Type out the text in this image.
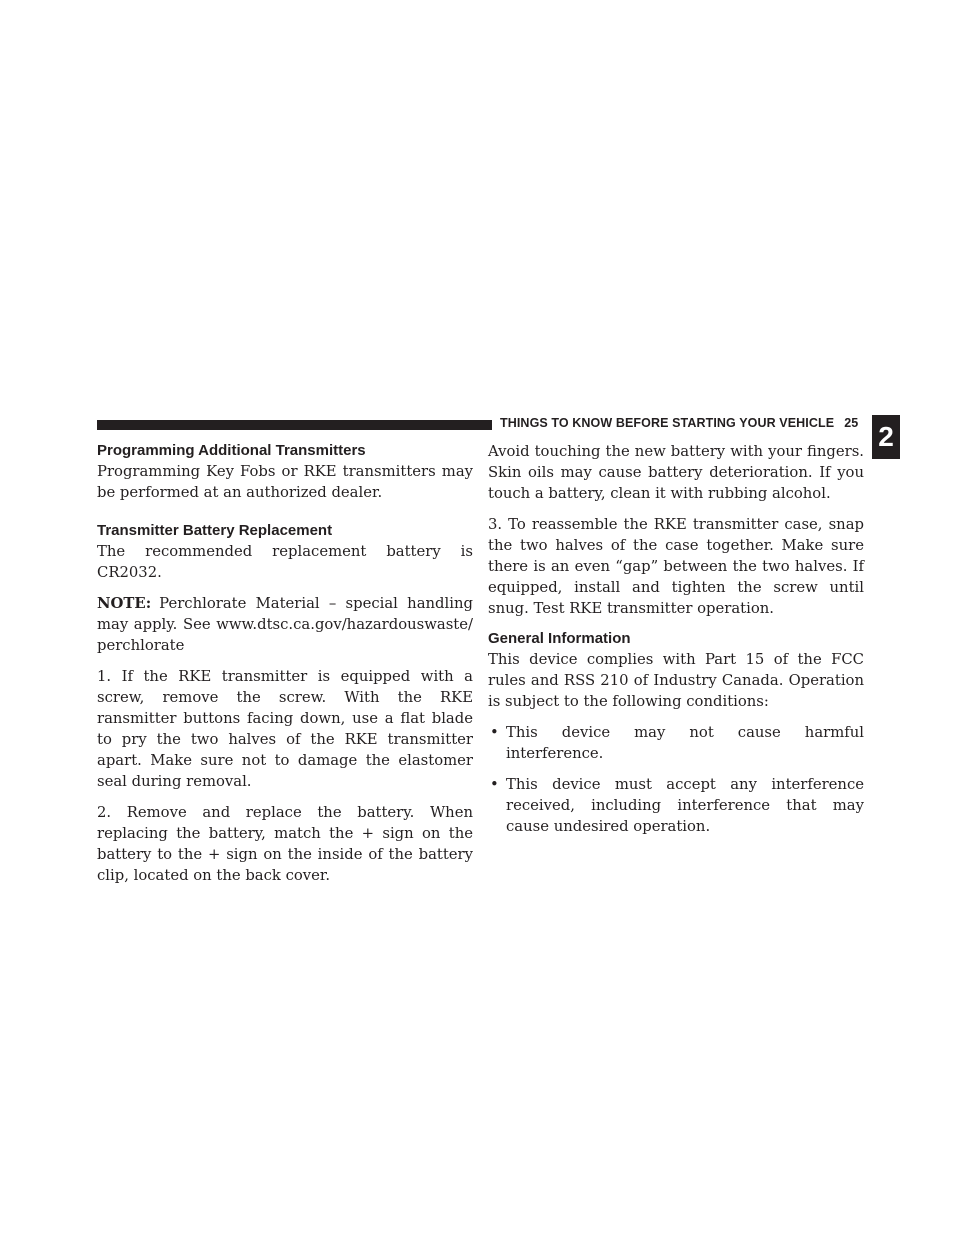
THINGS TO KNOW BEFORE STARTING YOUR VEHICLE 25 2
Programming Additional Transmitters

Programming Key Fobs or RKE transmitters may be performed at an authorized dealer.

Transmitter Battery Replacement

The recommended replacement battery is CR2032.

NOTE: Perchlorate Material – special handling may apply. See www.dtsc.ca.gov/hazardouswaste/ perchlorate

1. If the RKE transmitter is equipped with a screw, remove the screw. With the RKE ransmitter buttons facing down, use a flat blade to pry the two halves of the RKE transmitter apart. Make sure not to damage the elastomer seal during removal.

2. Remove and replace the battery. When replacing the battery, match the + sign on the battery to the + sign on the inside of the battery clip, located on the back cover.

Avoid touching the new battery with your fingers. Skin oils may cause battery deterioration. If you touch a battery, clean it with rubbing alcohol.

3. To reassemble the RKE transmitter case, snap the two halves of the case together. Make sure there is an even “gap” between the two halves. If equipped, install and tighten the screw until snug. Test RKE transmitter operation.

General Information

This device complies with Part 15 of the FCC rules and RSS 210 of Industry Canada. Operation is subject to the following conditions:

• This device may not cause harmful interference.
• This device must accept any interference received, including interference that may cause undesired operation.
